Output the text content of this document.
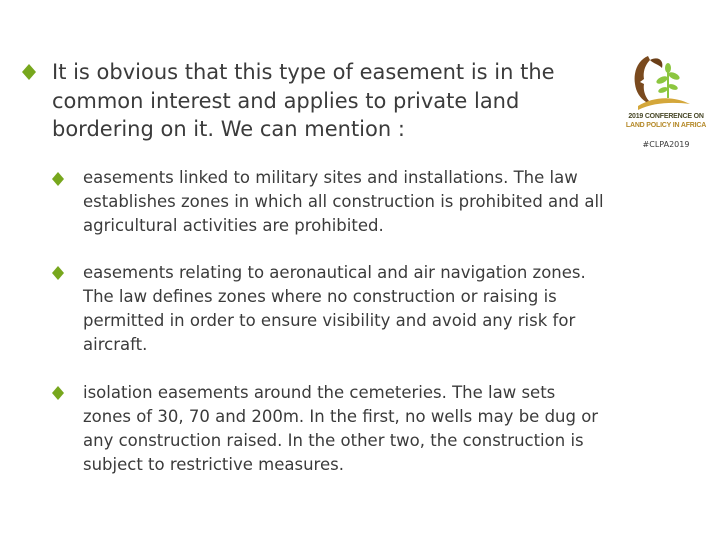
It is obvious that this type of easement is in the common interest and applies to private land bordering on it. We can mention :

easements linked to military sites and installations. The law establishes zones in which all construction is prohibited and all agricultural activities are prohibited.

easements relating to aeronautical and air navigation zones. The law defines zones where no construction or raising is permitted in order to ensure visibility and avoid any risk for aircraft.

isolation easements around the cemeteries. The law sets zones of 30, 70 and 200m. In the first, no wells may be dug or any construction raised. In the other two, the construction is subject to restrictive measures.

2019 CONFERENCE ON
LAND POLICY IN AFRICA
#CLPA2019
